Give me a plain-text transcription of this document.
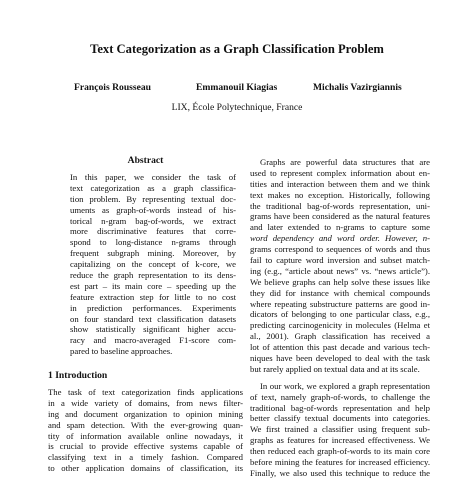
Text Categorization as a Graph Classification Problem
François Rousseau	Emmanouil Kiagias	Michalis Vazirgiannis
LIX, École Polytechnique, France
Abstract
In this paper, we consider the task of
text categorization as a graph classifica-
tion problem. By representing textual doc-
uments as graph-of-words instead of his-
torical n-gram bag-of-words, we extract
more discriminative features that corre-
spond to long-distance n-grams through
frequent subgraph mining. Moreover, by
capitalizing on the concept of k-core, we
reduce the graph representation to its dens-
est part – its main core – speeding up the
feature extraction step for little to no cost
in prediction performances. Experiments
on four standard text classification datasets
show statistically significant higher accu-
racy and macro-averaged F1-score com-
pared to baseline approaches.
1 Introduction
The task of text categorization finds applications
in a wide variety of domains, from news filter-
ing and document organization to opinion mining
and spam detection. With the ever-growing quan-
tity of information available online nowadays, it
is crucial to provide effective systems capable of
classifying text in a timely fashion. Compared
to other application domains of classification, its
Graphs are powerful data structures that are
used to represent complex information about en-
tities and interaction between them and we think
text makes no exception. Historically, following
the traditional bag-of-words representation, uni-
grams have been considered as the natural features
and later extended to n-grams to capture some
word dependency and word order. However, n-
grams correspond to sequences of words and thus
fail to capture word inversion and subset match-
ing (e.g., “article about news” vs. “news article”).
We believe graphs can help solve these issues like
they did for instance with chemical compounds
where repeating substructure patterns are good in-
dicators of belonging to one particular class, e.g.,
predicting carcinogenicity in molecules (Helma et
al., 2001). Graph classification has received a
lot of attention this past decade and various tech-
niques have been developed to deal with the task
but rarely applied on textual data and at its scale.
In our work, we explored a graph representation
of text, namely graph-of-words, to challenge the
traditional bag-of-words representation and help
better classify textual documents into categories.
We first trained a classifier using frequent sub-
graphs as features for increased effectiveness. We
then reduced each graph-of-words to its main core
before mining the features for increased efficiency.
Finally, we also used this technique to reduce the
